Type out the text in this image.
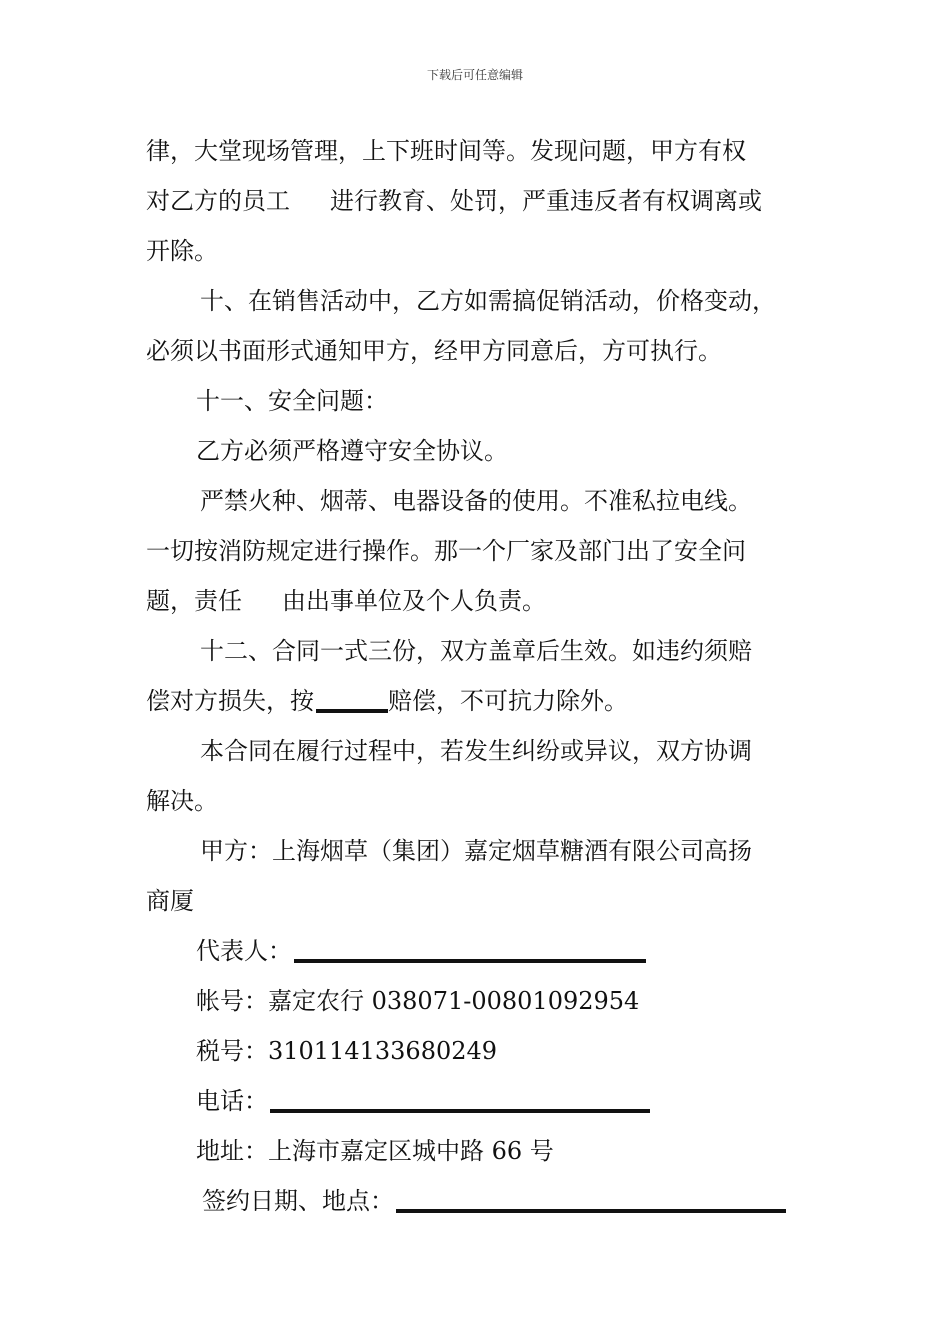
下载后可任意编辑

律，大堂现场管理，上下班时间等。发现问题，甲方有权

对乙方的员工 进行教育、处罚，严重违反者有权调离或

开除。

十、在销售活动中，乙方如需搞促销活动，价格变动，

必须以书面形式通知甲方，经甲方同意后，方可执行。

十一、安全问题：

乙方必须严格遵守安全协议。

严禁火种、烟蒂、电器设备的使用。不准私拉电线。

一切按消防规定进行操作。那一个厂家及部门出了安全问

题，责任 由出事单位及个人负责。

十二、合同一式三份，双方盖章后生效。如违约须赔

偿对方损失，按	赔偿，不可抗力除外。

本合同在履行过程中，若发生纠纷或异议，双方协调

解决。

甲方：上海烟草（集团）嘉定烟草糖酒有限公司高扬

商厦

代表人：

帐号：嘉定农行 038071-00801092954

税号：310114133680249

电话：

地址：上海市嘉定区城中路 66 号

签约日期、地点：
